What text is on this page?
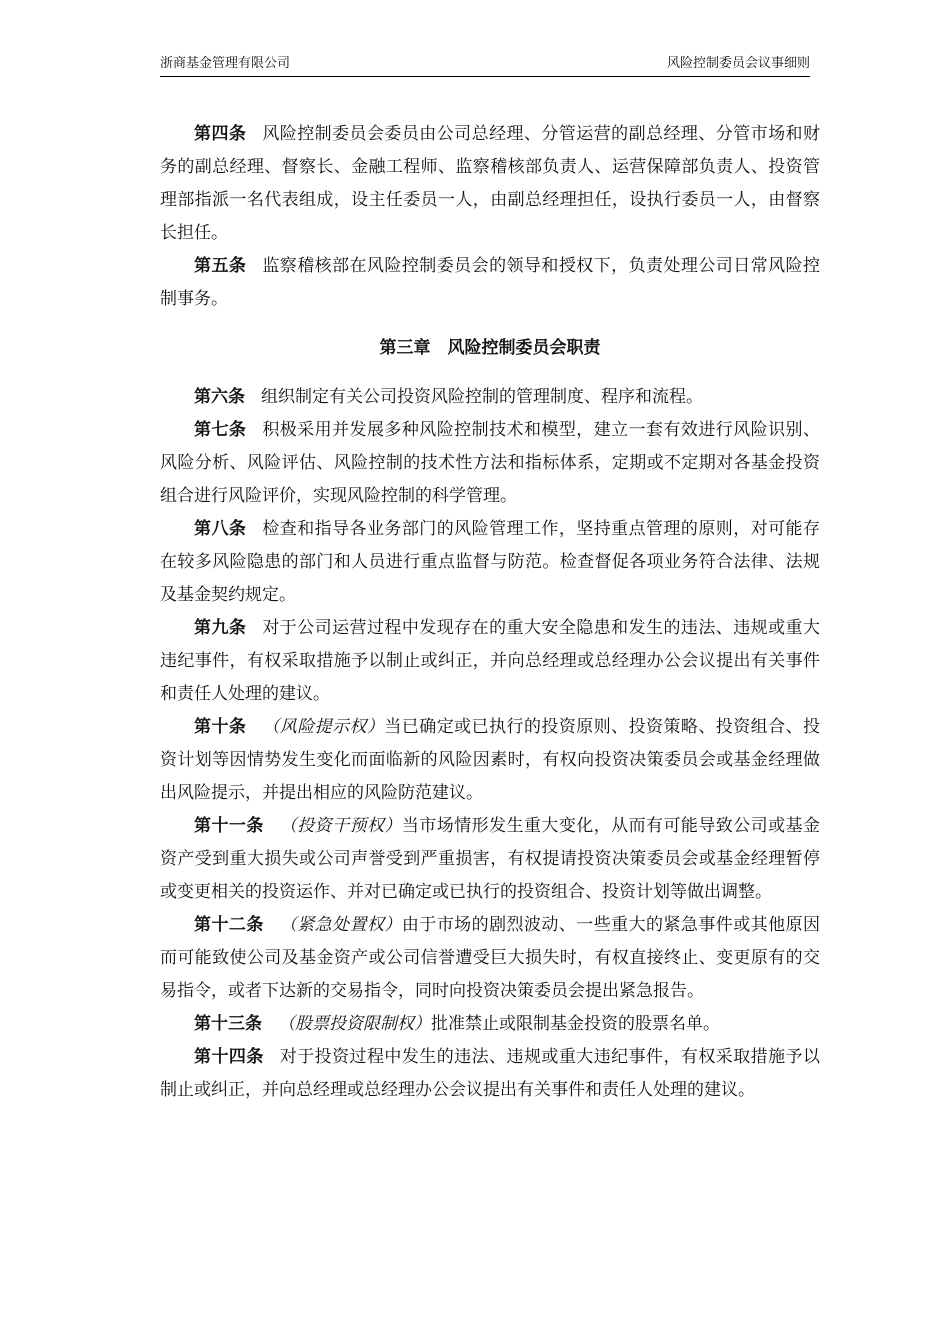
浙商基金管理有限公司	风险控制委员会议事细则

第四条 风险控制委员会委员由公司总经理、分管运营的副总经理、分管市场和财务的副总经理、督察长、金融工程师、监察稽核部负责人、运营保障部负责人、投资管理部指派一名代表组成，设主任委员一人，由副总经理担任，设执行委员一人，由督察长担任。

第五条 监察稽核部在风险控制委员会的领导和授权下，负责处理公司日常风险控制事务。

第三章　风险控制委员会职责

第六条 组织制定有关公司投资风险控制的管理制度、程序和流程。

第七条 积极采用并发展多种风险控制技术和模型，建立一套有效进行风险识别、风险分析、风险评估、风险控制的技术性方法和指标体系，定期或不定期对各基金投资组合进行风险评价，实现风险控制的科学管理。

第八条 检查和指导各业务部门的风险管理工作，坚持重点管理的原则，对可能存在较多风险隐患的部门和人员进行重点监督与防范。检查督促各项业务符合法律、法规及基金契约规定。

第九条 对于公司运营过程中发现存在的重大安全隐患和发生的违法、违规或重大违纪事件，有权采取措施予以制止或纠正，并向总经理或总经理办公会议提出有关事件和责任人处理的建议。

第十条 （风险提示权）当已确定或已执行的投资原则、投资策略、投资组合、投资计划等因情势发生变化而面临新的风险因素时，有权向投资决策委员会或基金经理做出风险提示，并提出相应的风险防范建议。

第十一条 （投资干预权）当市场情形发生重大变化，从而有可能导致公司或基金资产受到重大损失或公司声誉受到严重损害，有权提请投资决策委员会或基金经理暂停或变更相关的投资运作、并对已确定或已执行的投资组合、投资计划等做出调整。

第十二条 （紧急处置权）由于市场的剧烈波动、一些重大的紧急事件或其他原因而可能致使公司及基金资产或公司信誉遭受巨大损失时，有权直接终止、变更原有的交易指令，或者下达新的交易指令，同时向投资决策委员会提出紧急报告。

第十三条 （股票投资限制权）批准禁止或限制基金投资的股票名单。

第十四条 对于投资过程中发生的违法、违规或重大违纪事件，有权采取措施予以制止或纠正，并向总经理或总经理办公会议提出有关事件和责任人处理的建议。
